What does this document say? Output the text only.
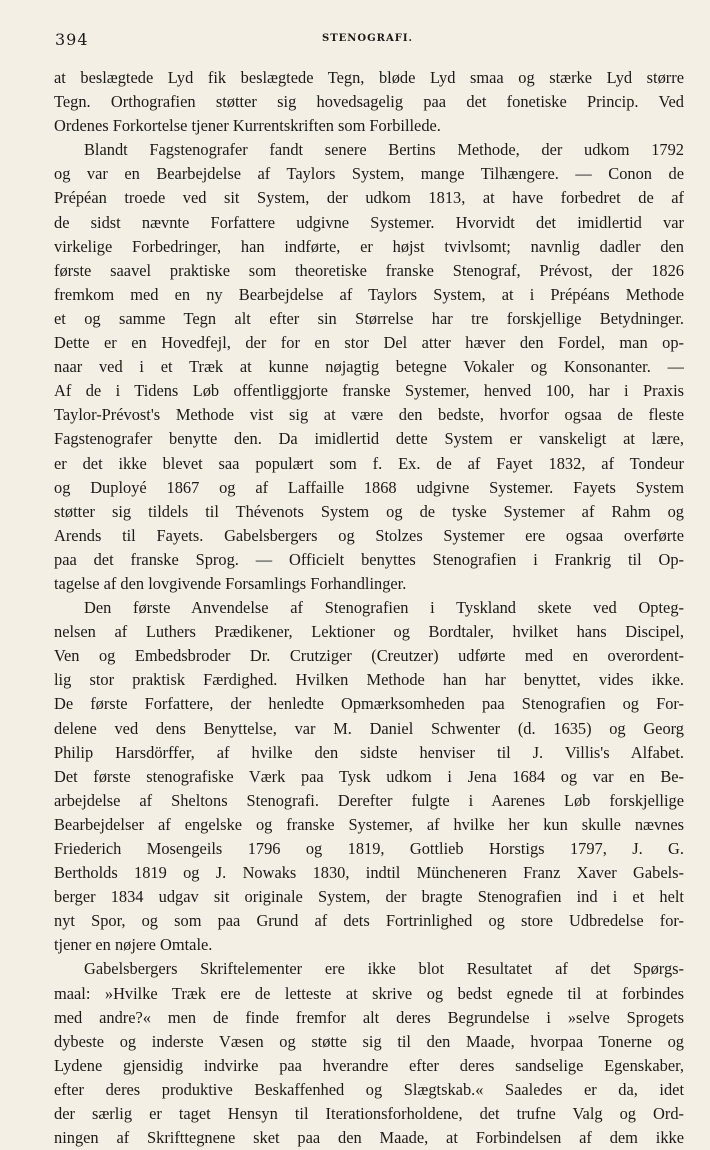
394	STENOGRAFI.
at beslægtede Lyd fik beslægtede Tegn, bløde Lyd smaa og stærke Lyd større
Tegn. Orthografien støtter sig hovedsagelig paa det fonetiske Princip. Ved
Ordenes Forkortelse tjener Kurrentskriften som Forbillede.
Blandt Fagstenografer fandt senere Bertins Methode, der udkom 1792
og var en Bearbejdelse af Taylors System, mange Tilhængere. — Conon de
Prépéan troede ved sit System, der udkom 1813, at have forbedret de af
de sidst nævnte Forfattere udgivne Systemer. Hvorvidt det imidlertid var
virkelige Forbedringer, han indførte, er højst tvivlsomt; navnlig dadler den
første saavel praktiske som theoretiske franske Stenograf, Prévost, der 1826
fremkom med en ny Bearbejdelse af Taylors System, at i Prépéans Methode
et og samme Tegn alt efter sin Størrelse har tre forskjellige Betydninger.
Dette er en Hovedfejl, der for en stor Del atter hæver den Fordel, man op-
naar ved i et Træk at kunne nøjagtig betegne Vokaler og Konsonanter. —
Af de i Tidens Løb offentliggjorte franske Systemer, henved 100, har i Praxis
Taylor-Prévost's Methode vist sig at være den bedste, hvorfor ogsaa de fleste
Fagstenografer benytte den. Da imidlertid dette System er vanskeligt at lære,
er det ikke blevet saa populært som f. Ex. de af Fayet 1832, af Tondeur
og Duployé 1867 og af Laffaille 1868 udgivne Systemer. Fayets System
støtter sig tildels til Thévenots System og de tyske Systemer af Rahm og
Arends til Fayets. Gabelsbergers og Stolzes Systemer ere ogsaa overførte
paa det franske Sprog. — Officielt benyttes Stenografien i Frankrig til Op-
tagelse af den lovgivende Forsamlings Forhandlinger.
Den første Anvendelse af Stenografien i Tyskland skete ved Opteg-
nelsen af Luthers Prædikener, Lektioner og Bordtaler, hvilket hans Discipel,
Ven og Embedsbroder Dr. Crutziger (Creutzer) udførte med en overordent-
lig stor praktisk Færdighed. Hvilken Methode han har benyttet, vides ikke.
De første Forfattere, der henledte Opmærksomheden paa Stenografien og For-
delene ved dens Benyttelse, var M. Daniel Schwenter (d. 1635) og Georg
Philip Harsdörffer, af hvilke den sidste henviser til J. Villis's Alfabet.
Det første stenografiske Værk paa Tysk udkom i Jena 1684 og var en Be-
arbejdelse af Sheltons Stenografi. Derefter fulgte i Aarenes Løb forskjellige
Bearbejdelser af engelske og franske Systemer, af hvilke her kun skulle nævnes
Friederich Mosengeils 1796 og 1819, Gottlieb Horstigs 1797, J. G.
Bertholds 1819 og J. Nowaks 1830, indtil Müncheneren Franz Xaver Gabels-
berger 1834 udgav sit originale System, der bragte Stenografien ind i et helt
nyt Spor, og som paa Grund af dets Fortrinlighed og store Udbredelse for-
tjener en nøjere Omtale.
Gabelsbergers Skriftelementer ere ikke blot Resultatet af det Spørgs-
maal: »Hvilke Træk ere de letteste at skrive og bedst egnede til at forbindes
med andre?« men de finde fremfor alt deres Begrundelse i »selve Sprogets
dybeste og inderste Væsen og støtte sig til den Maade, hvorpaa Tonerne og
Lydene gjensidig indvirke paa hverandre efter deres sandselige Egenskaber,
efter deres produktive Beskaffenhed og Slægtskab.« Saaledes er da, idet
der særlig er taget Hensyn til Iterationsforholdene, det trufne Valg og Ord-
ningen af Skrifttegnene sket paa den Maade, at Forbindelsen af dem ikke
